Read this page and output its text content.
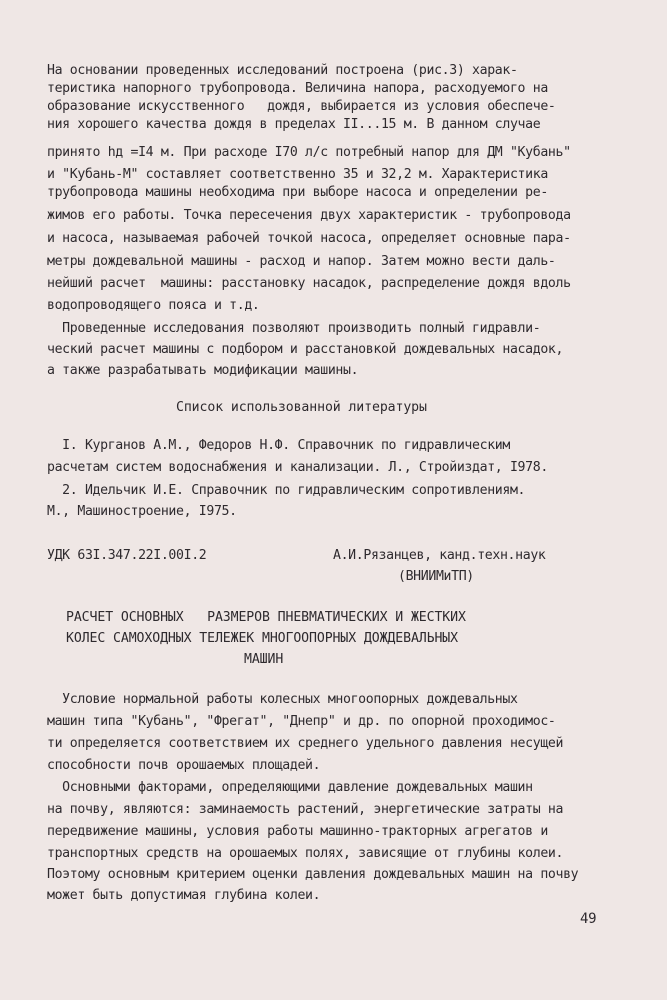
На основании проведенных исследований построена (рис.3) харак-
теристика напорного трубопровода. Величина напора, расходуемого на
образование искусственного   дождя, выбирается из условия обеспече-
ния хорошего качества дождя в пределах II...15 м. В данном случае
принято hд =I4 м. При расходе I70 л/с потребный напор для ДМ "Кубань"
и "Кубань-М" составляет соответственно 35 и 32,2 м. Характеристика
трубопровода машины необходима при выборе насоса и определении ре-
жимов его работы. Точка пересечения двух характеристик - трубопровода
и насоса, называемая рабочей точкой насоса, определяет основные пара-
метры дождевальной машины - расход и напор. Затем можно вести даль-
нейший расчет  машины: расстановку насадок, распределение дождя вдоль
водопроводящего пояса и т.д.
Проведенные исследования позволяют производить полный гидравли-
ческий расчет машины с подбором и расстановкой дождевальных насадок,
а также разрабатывать модификации машины.
Список использованной литературы
I. Курганов А.М., Федоров Н.Ф. Справочник по гидравлическим
расчетам систем водоснабжения и канализации. Л., Стройиздат, I978.
2. Идельчик И.Е. Справочник по гидравлическим сопротивлениям.
М., Машиностроение, I975.
УДК 63I.347.22I.00I.2	А.И.Рязанцев, канд.техн.наук
(ВНИИМиТП)
РАСЧЕТ ОСНОВНЫХ   РАЗМЕРОВ ПНЕВМАТИЧЕСКИХ И ЖЕСТКИХ
КОЛЕС САМОХОДНЫХ ТЕЛЕЖЕК МНОГООПОРНЫХ ДОЖДЕВАЛЬНЫХ
МАШИН
Условие нормальной работы колесных многоопорных дождевальных
машин типа "Кубань", "Фрегат", "Днепр" и др. по опорной проходимос-
ти определяется соответствием их среднего удельного давления несущей
способности почв орошаемых площадей.
Основными факторами, определяющими давление дождевальных машин
на почву, являются: заминаемость растений, энергетические затраты на
передвижение машины, условия работы машинно-тракторных агрегатов и
транспортных средств на орошаемых полях, зависящие от глубины колеи.
Поэтому основным критерием оценки давления дождевальных машин на почву
может быть допустимая глубина колеи.
49
